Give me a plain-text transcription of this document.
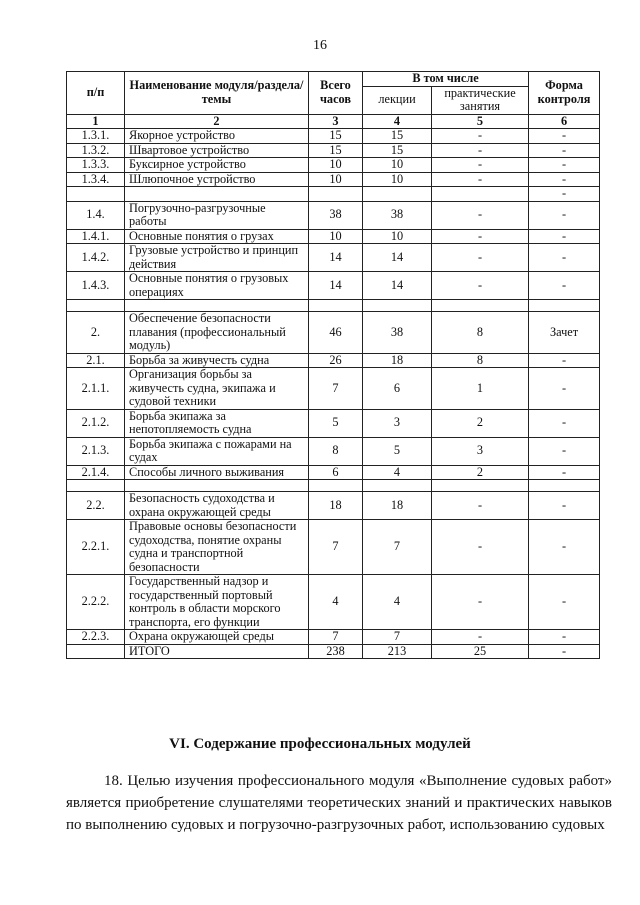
16
п/п	Наименование модуля/раздела/темы	Всего часов	В том числе		Форма контроля
			лекции	практические занятия	
1	2	3	4	5	6
1.3.1.	Якорное устройство	15	15	-	-
1.3.2.	Швартовое устройство	15	15	-	-
1.3.3.	Буксирное устройство	10	10	-	-
1.3.4.	Шлюпочное устройство	10	10	-	-
					-
1.4.	Погрузочно-разгрузочные работы	38	38	-	-
1.4.1.	Основные понятия о грузах	10	10	-	-
1.4.2.	Грузовые устройство и принцип действия	14	14	-	-
1.4.3.	Основные понятия о грузовых операциях	14	14	-	-

2.	Обеспечение безопасности плавания (профессиональный модуль)	46	38	8	Зачет
2.1.	Борьба за живучесть судна	26	18	8	-
2.1.1.	Организация борьбы за живучесть судна, экипажа и судовой техники	7	6	1	-
2.1.2.	Борьба экипажа за непотопляемость судна	5	3	2	-
2.1.3.	Борьба экипажа с пожарами на судах	8	5	3	-
2.1.4.	Способы личного выживания	6	4	2	-

2.2.	Безопасность судоходства и охрана окружающей среды	18	18	-	-
2.2.1.	Правовые основы безопасности судоходства, понятие охраны судна и транспортной безопасности	7	7	-	-
2.2.2.	Государственный надзор и государственный портовый контроль в области морского транспорта, его функции	4	4	-	-
2.2.3.	Охрана окружающей среды	7	7	-	-
	ИТОГО	238	213	25	-
VI. Содержание профессиональных модулей

18. Целью изучения профессионального модуля «Выполнение судовых работ» является приобретение слушателями теоретических знаний и практических навыков по выполнению судовых и погрузочно-разгрузочных работ, использованию судовых
